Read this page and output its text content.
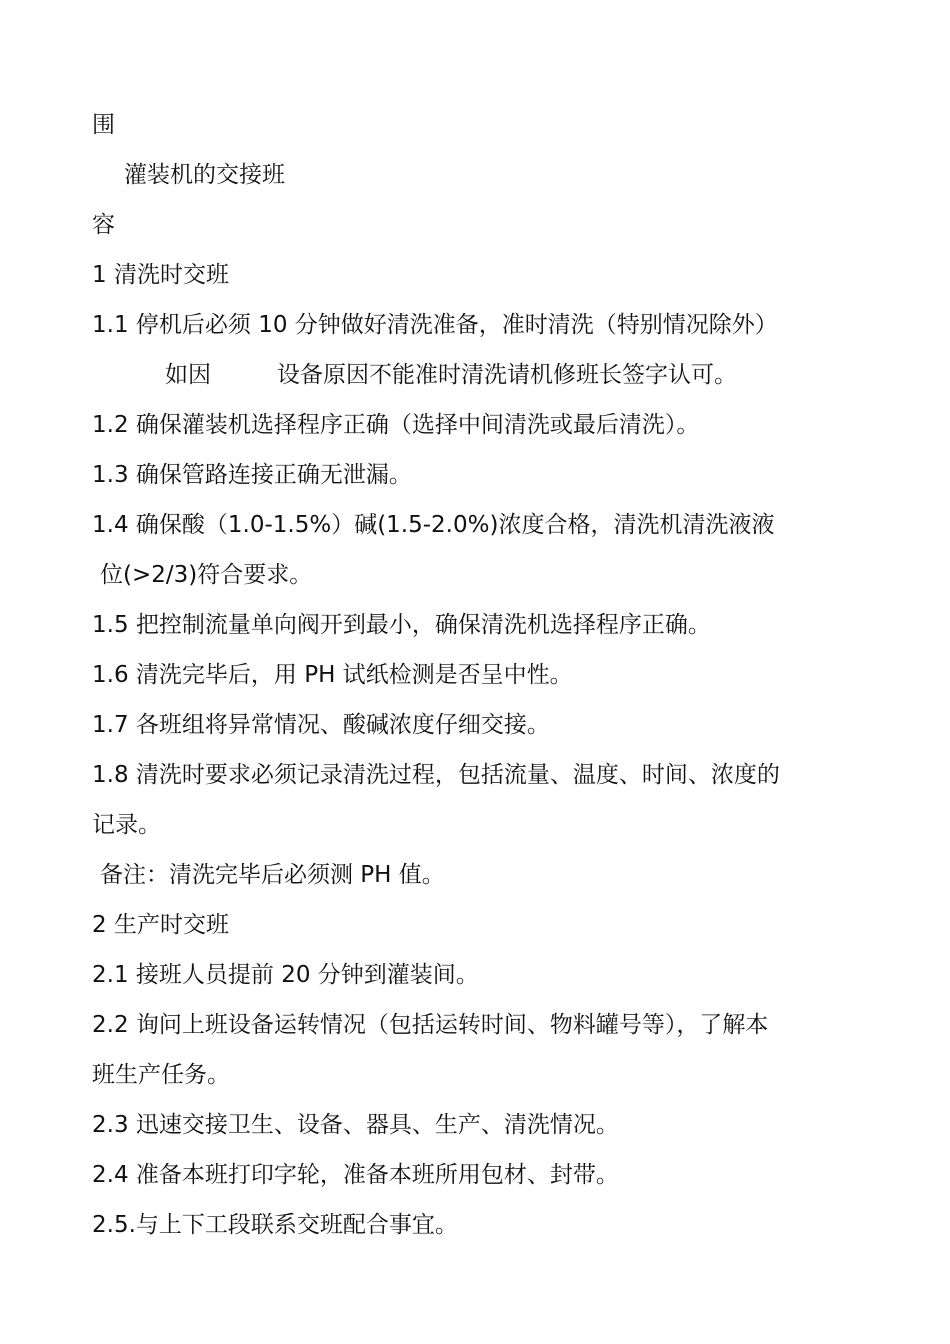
围
灌装机的交接班
容
1 清洗时交班
1.1 停机后必须 10 分钟做好清洗准备，准时清洗（特别情况除外）
如因	设备原因不能准时清洗请机修班长签字认可。
1.2 确保灌装机选择程序正确（选择中间清洗或最后清洗）。
1.3 确保管路连接正确无泄漏。
1.4 确保酸（1.0-1.5%）碱(1.5-2.0%)浓度合格，清洗机清洗液液
位(>2/3)符合要求。
1.5 把控制流量单向阀开到最小，确保清洗机选择程序正确。
1.6 清洗完毕后，用 PH 试纸检测是否呈中性。
1.7 各班组将异常情况、酸碱浓度仔细交接。
1.8 清洗时要求必须记录清洗过程，包括流量、温度、时间、浓度的
记录。
备注：清洗完毕后必须测 PH 值。
2 生产时交班
2.1 接班人员提前 20 分钟到灌装间。
2.2 询问上班设备运转情况（包括运转时间、物料罐号等），了解本
班生产任务。
2.3 迅速交接卫生、设备、器具、生产、清洗情况。
2.4 准备本班打印字轮，准备本班所用包材、封带。
2.5.与上下工段联系交班配合事宜。
